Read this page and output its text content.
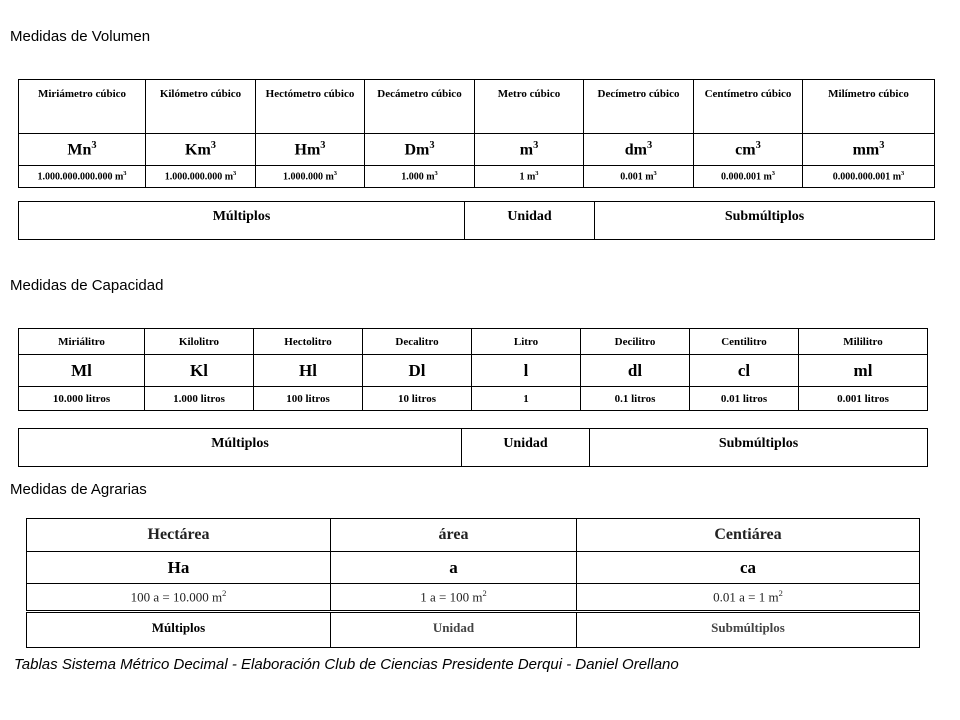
Medidas de Volumen
Miriámetro cúbico	Kilómetro cúbico	Hectómetro cúbico	Decámetro cúbico	Metro cúbico	Decímetro cúbico	Centímetro cúbico	Milímetro cúbico
Mn$^3$	Km$^3$	Hm$^3$	Dm$^3$	$m^3$	$dm^3$	$cm^3$	$mm^3$
1.000.000.000.000 $m^3$	1.000.000.000 $m^3$	1.000.000 $m^3$	1.000 $m^3$	1 $m^3$	0.001 $m^3$	0.000.001 $m^3$	0.000.000.001 $m^3$
Múltiplos	Unidad	Submúltiplos
Medidas de Capacidad
Miriálitro	Kilolitro	Hectolitro	Decalitro	Litro	Decilitro	Centilitro	Mililitro
Ml	Kl	Hl	Dl	l	dl	cl	ml
10.000 litros	1.000 litros	100 litros	10 litros	1	0.1 litros	0.01 litros	0.001 litros
Múltiplos	Unidad	Submúltiplos
Medidas de Agrarias
Hectárea	área	Centiárea
Ha	a	ca
100 a = 10.000 $m^2$	1 a = 100 $m^2$	0.01 a = 1 $m^2$
Múltiplos	Unidad	Submúltiplos
Tablas Sistema Métrico Decimal - Elaboración Club de Ciencias Presidente Derqui - Daniel Orellano
